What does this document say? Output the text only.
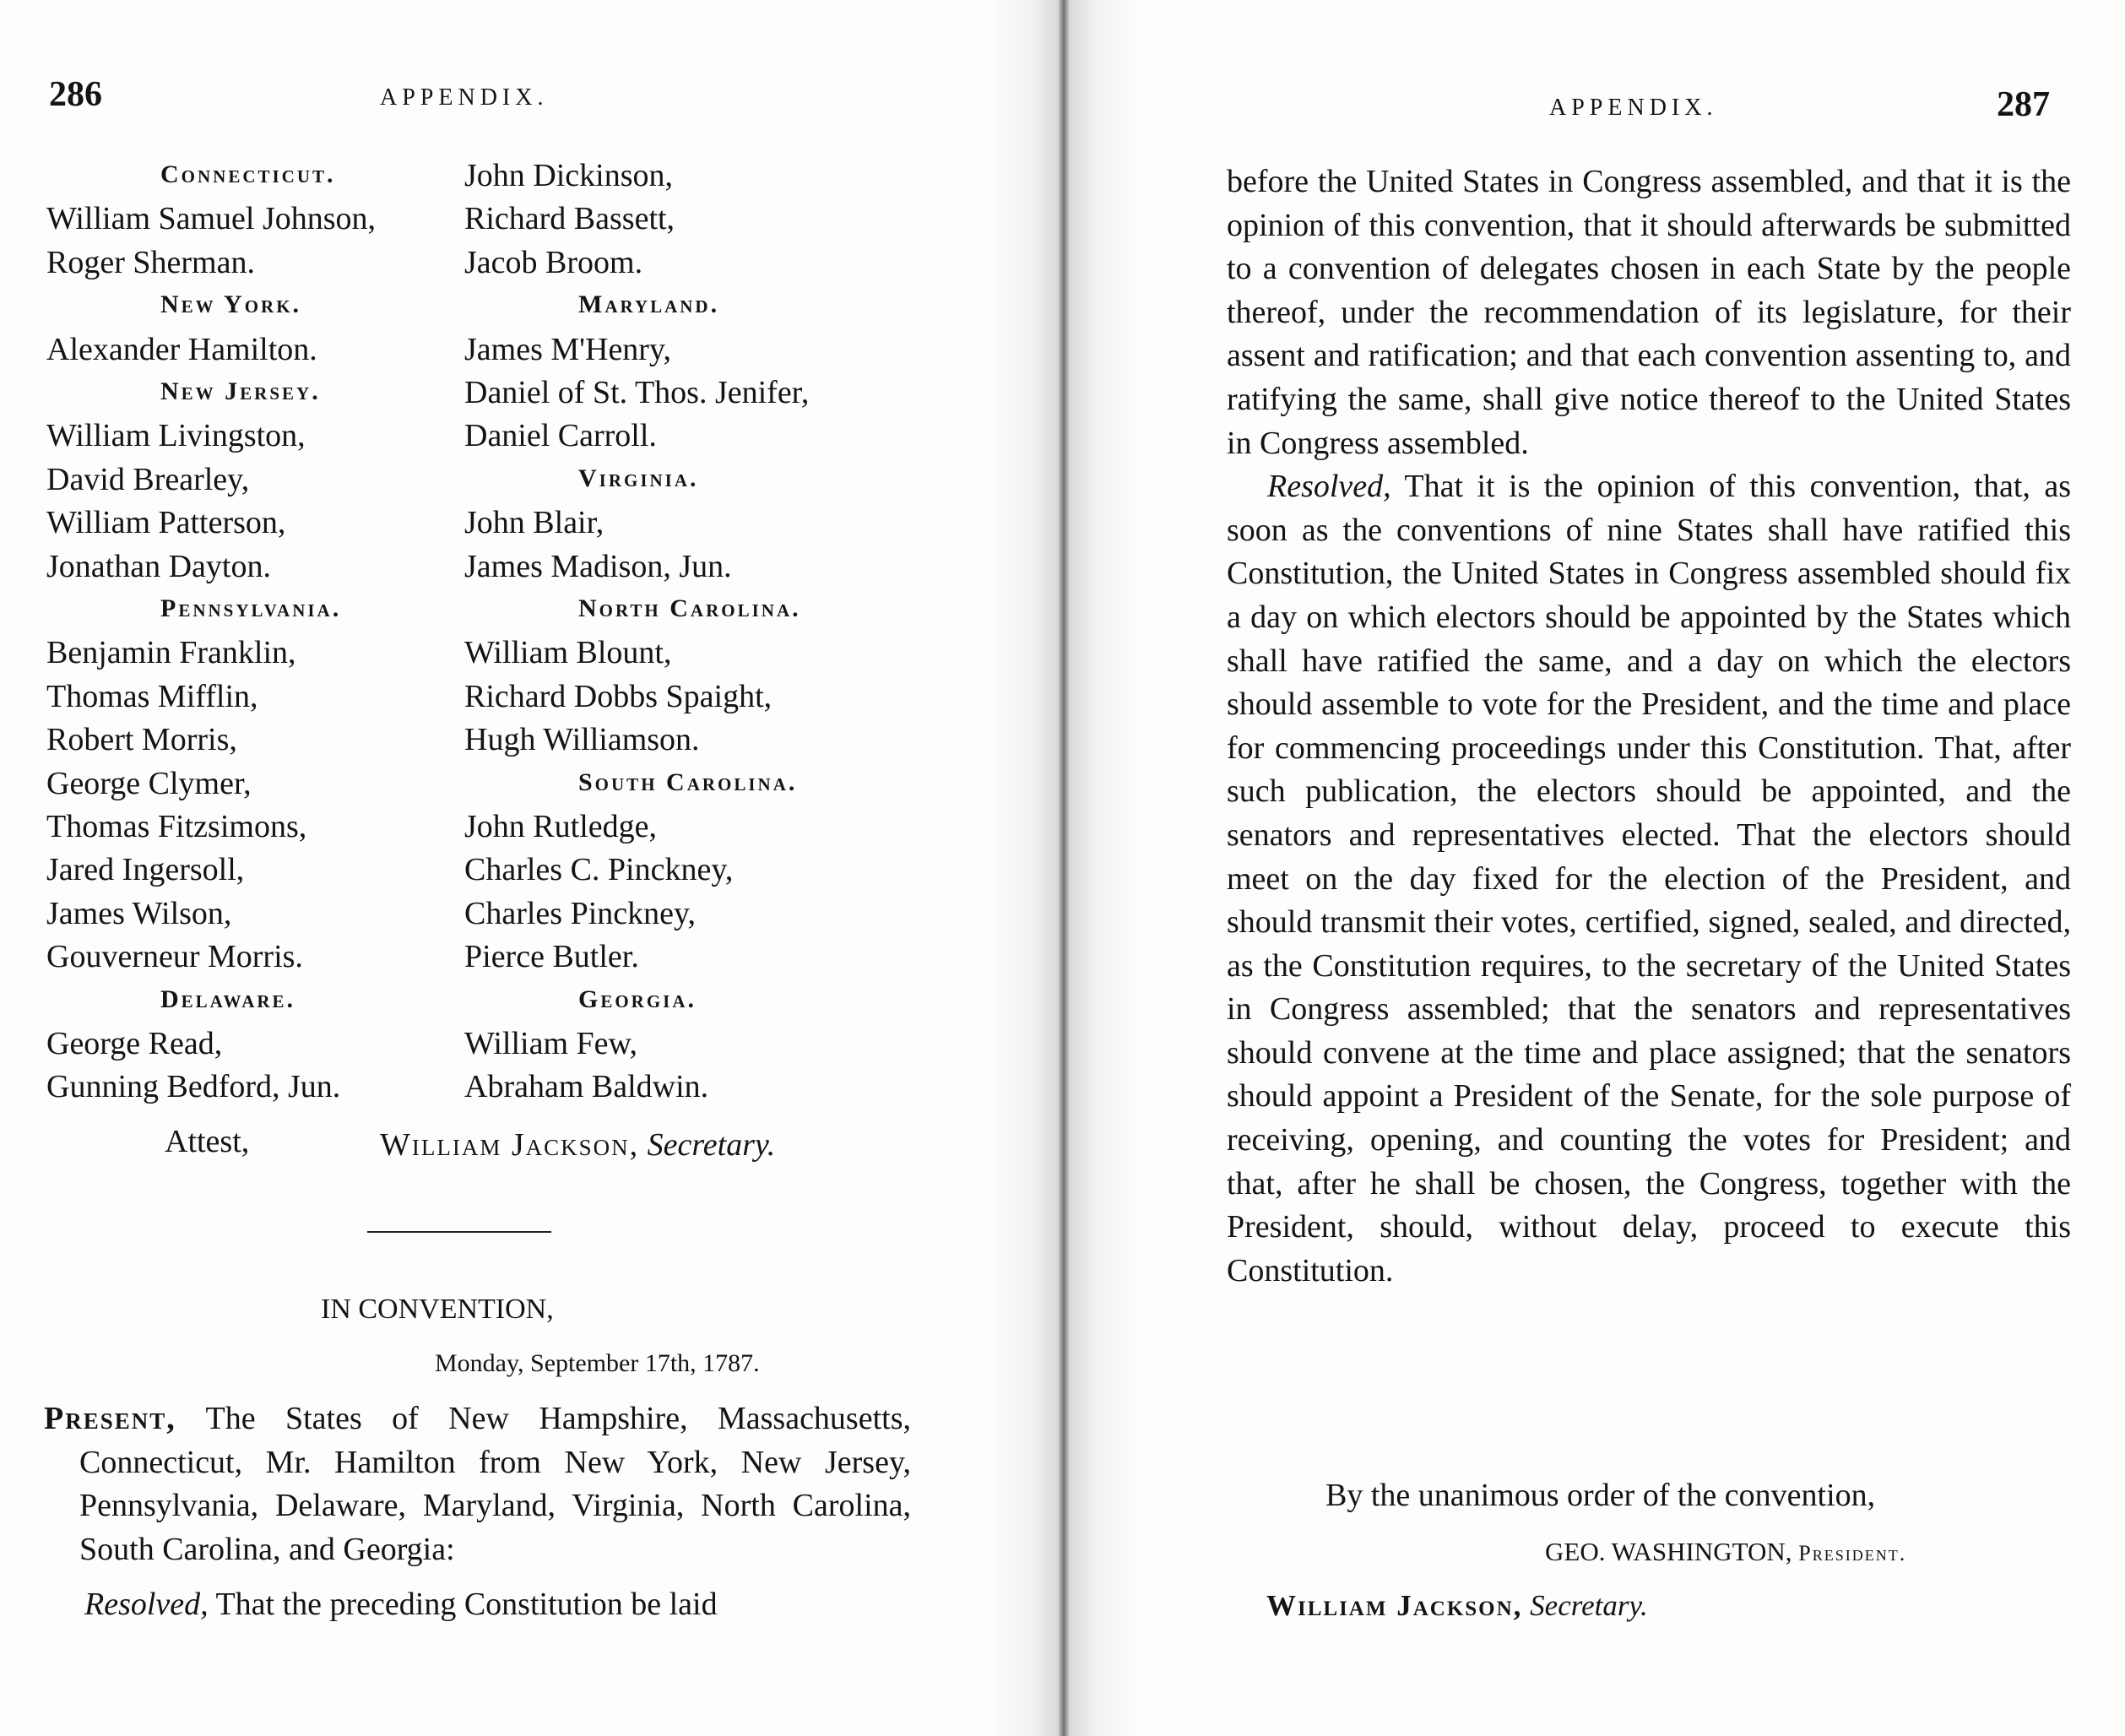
286	APPENDIX.
Connecticut.
William Samuel Johnson,
Roger Sherman.
New York.
Alexander Hamilton.
New Jersey.
William Livingston,
David Brearley,
William Patterson,
Jonathan Dayton.
Pennsylvania.
Benjamin Franklin,
Thomas Mifflin,
Robert Morris,
George Clymer,
Thomas Fitzsimons,
Jared Ingersoll,
James Wilson,
Gouverneur Morris.
Delaware.
George Read,
Gunning Bedford, Jun.
John Dickinson,
Richard Bassett,
Jacob Broom.
Maryland.
James M'Henry,
Daniel of St. Thos. Jenifer,
Daniel Carroll.
Virginia.
John Blair,
James Madison, Jun.
North Carolina.
William Blount,
Richard Dobbs Spaight,
Hugh Williamson.
South Carolina.
John Rutledge,
Charles C. Pinckney,
Charles Pinckney,
Pierce Butler.
Georgia.
William Few,
Abraham Baldwin.
Attest,	William Jackson, Secretary.
IN CONVENTION,
Monday, September 17th, 1787.
Present, The States of New Hampshire, Massachusetts, Connecticut, Mr. Hamilton from New York, New Jersey, Pennsylvania, Delaware, Maryland, Virginia, North Carolina, South Carolina, and Georgia:
Resolved, That the preceding Constitution be laid
APPENDIX.	287

before the United States in Congress assembled, and that it is the opinion of this convention, that it should afterwards be submitted to a convention of delegates chosen in each State by the people thereof, under the recommendation of its legislature, for their assent and ratification; and that each convention assenting to, and ratifying the same, shall give notice thereof to the United States in Congress assembled.

Resolved, That it is the opinion of this convention, that, as soon as the conventions of nine States shall have ratified this Constitution, the United States in Congress assembled should fix a day on which electors should be appointed by the States which shall have ratified the same, and a day on which the electors should assemble to vote for the President, and the time and place for commencing proceedings under this Constitution. That, after such publication, the electors should be appointed, and the senators and representatives elected. That the electors should meet on the day fixed for the election of the President, and should transmit their votes, certified, signed, sealed, and directed, as the Constitution requires, to the secretary of the United States in Congress assembled; that the senators and representatives should convene at the time and place assigned; that the senators should appoint a President of the Senate, for the sole purpose of receiving, opening, and counting the votes for President; and that, after he shall be chosen, the Congress, together with the President, should, without delay, proceed to execute this Constitution.

By the unanimous order of the convention,
GEO. WASHINGTON, President.
William Jackson, Secretary.
